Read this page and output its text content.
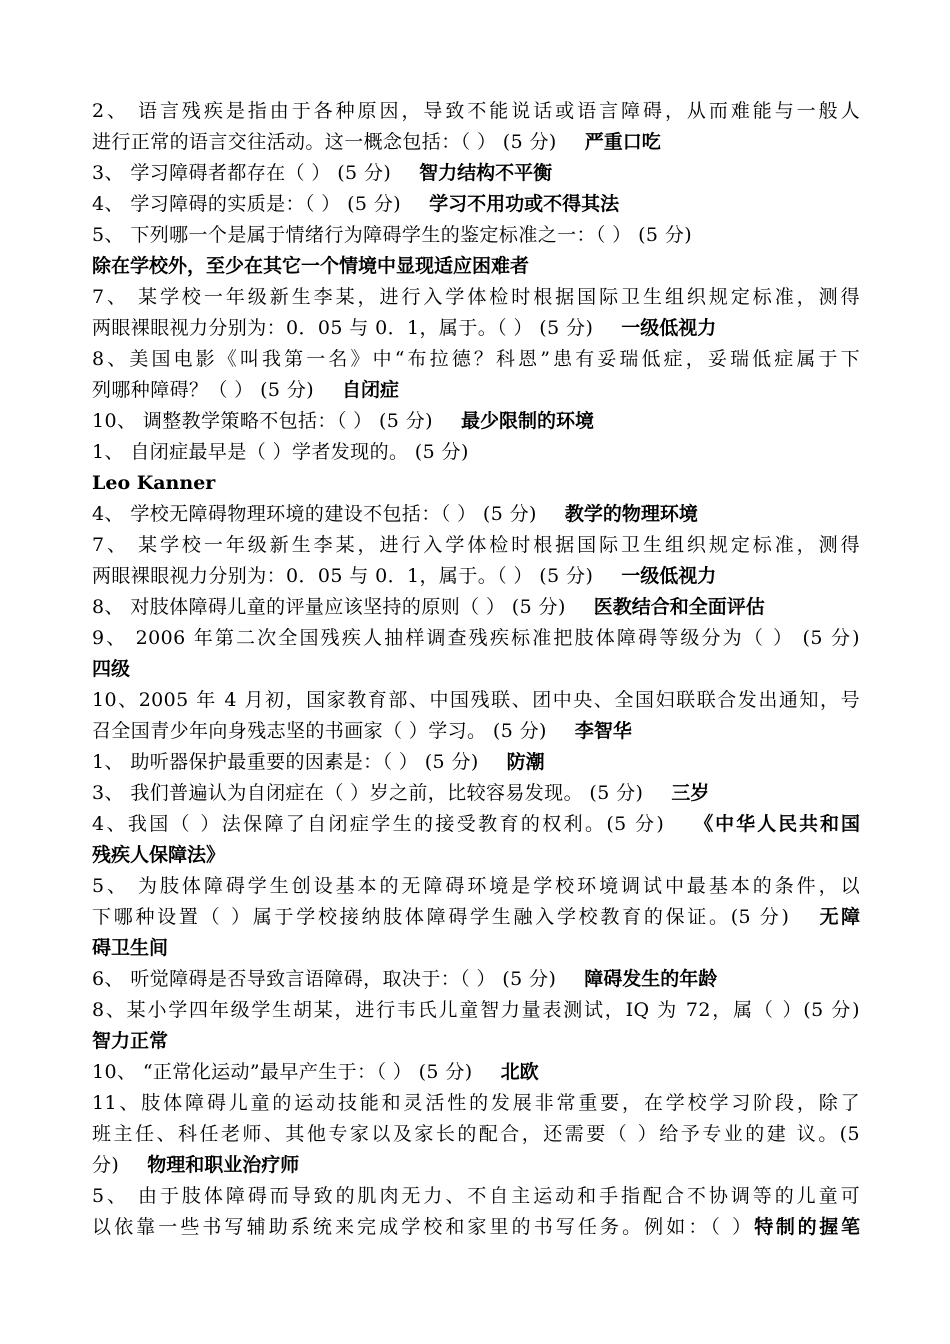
2、 语言残疾是指由于各种原因，导致不能说话或语言障碍，从而难能与一般人
进行正常的语言交往活动。这一概念包括：（ ） (5 分) 严重口吃
3、 学习障碍者都存在（ ） (5 分) 智力结构不平衡
4、 学习障碍的实质是：（ ） (5 分) 学习不用功或不得其法
5、 下列哪一个是属于情绪行为障碍学生的鉴定标准之一：（ ） (5 分)
除在学校外，至少在其它一个情境中显现适应困难者
7、 某学校一年级新生李某，进行入学体检时根据国际卫生组织规定标准，测得
两眼裸眼视力分别为：0．05 与 0．1，属于。（ ） (5 分) 一级低视力
8、美国电影《叫我第一名》中“布拉德？科恩”患有妥瑞低症，妥瑞低症属于下
列哪种障碍？（ ） (5 分) 自闭症
10、 调整教学策略不包括：（ ） (5 分) 最少限制的环境
1、 自闭症最早是（ ）学者发现的。 (5 分)
Leo Kanner
4、 学校无障碍物理环境的建设不包括：（ ） (5 分) 教学的物理环境
7、 某学校一年级新生李某，进行入学体检时根据国际卫生组织规定标准，测得
两眼裸眼视力分别为：0．05 与 0．1，属于。（ ） (5 分) 一级低视力
8、 对肢体障碍儿童的评量应该坚持的原则（ ） (5 分) 医教结合和全面评估
9、 2006 年第二次全国残疾人抽样调查残疾标准把肢体障碍等级分为（ ） (5 分)
四级
10、2005 年 4 月初，国家教育部、中国残联、团中央、全国妇联联合发出通知，号
召全国青少年向身残志坚的书画家（ ）学习。 (5 分) 李智华
1、 助听器保护最重要的因素是：（ ） (5 分) 防潮
3、 我们普遍认为自闭症在（ ）岁之前，比较容易发现。 (5 分) 三岁
4、我国（ ）法保障了自闭症学生的接受教育的权利。(5 分) 《中华人民共和国
残疾人保障法》
5、 为肢体障碍学生创设基本的无障碍环境是学校环境调试中最基本的条件，以
下哪种设置（ ）属于学校接纳肢体障碍学生融入学校教育的保证。(5 分) 无障
碍卫生间
6、 听觉障碍是否导致言语障碍，取决于：（ ） (5 分) 障碍发生的年龄
8、某小学四年级学生胡某，进行韦氏儿童智力量表测试，IQ 为 72，属（ ）(5 分)
智力正常
10、 “正常化运动”最早产生于：（ ） (5 分) 北欧
11、肢体障碍儿童的运动技能和灵活性的发展非常重要，在学校学习阶段，除了
班主任、科任老师、其他专家以及家长的配合，还需要（ ）给予专业的建 议。(5
分) 物理和职业治疗师
5、 由于肢体障碍而导致的肌肉无力、不自主运动和手指配合不协调等的儿童可
以依靠一些书写辅助系统来完成学校和家里的书写任务。例如：（ ）特制的握笔
